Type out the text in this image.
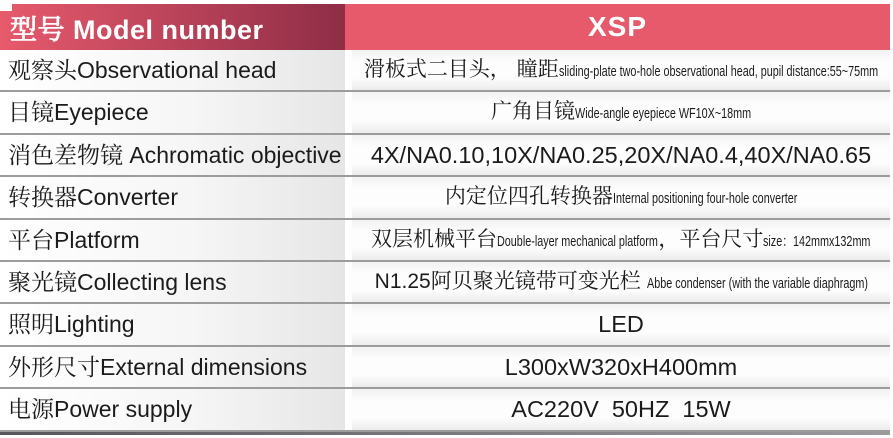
型号 Model number	XSP
观察头Observational head	滑板式二目头， 瞳距sliding-plate two-hole observational head, pupil distance:55~75mm
目镜Eyepiece	广角目镜Wide-angle eyepiece WF10X~18mm
消色差物镜 Achromatic objective	4X/NA0.10,10X/NA0.25,20X/NA0.4,40X/NA0.65
转换器Converter	内定位四孔转换器Internal positioning four-hole converter
平台Platform	双层机械平台Double-layer mechanical platform，平台尺寸size：142mmx132mm
聚光镜Collecting lens	N1.25阿贝聚光镜带可变光栏 Abbe condenser (with the variable diaphragm)
照明Lighting	LED
外形尺寸External dimensions	L300xW320xH400mm
电源Power supply	AC220V  50HZ  15W
